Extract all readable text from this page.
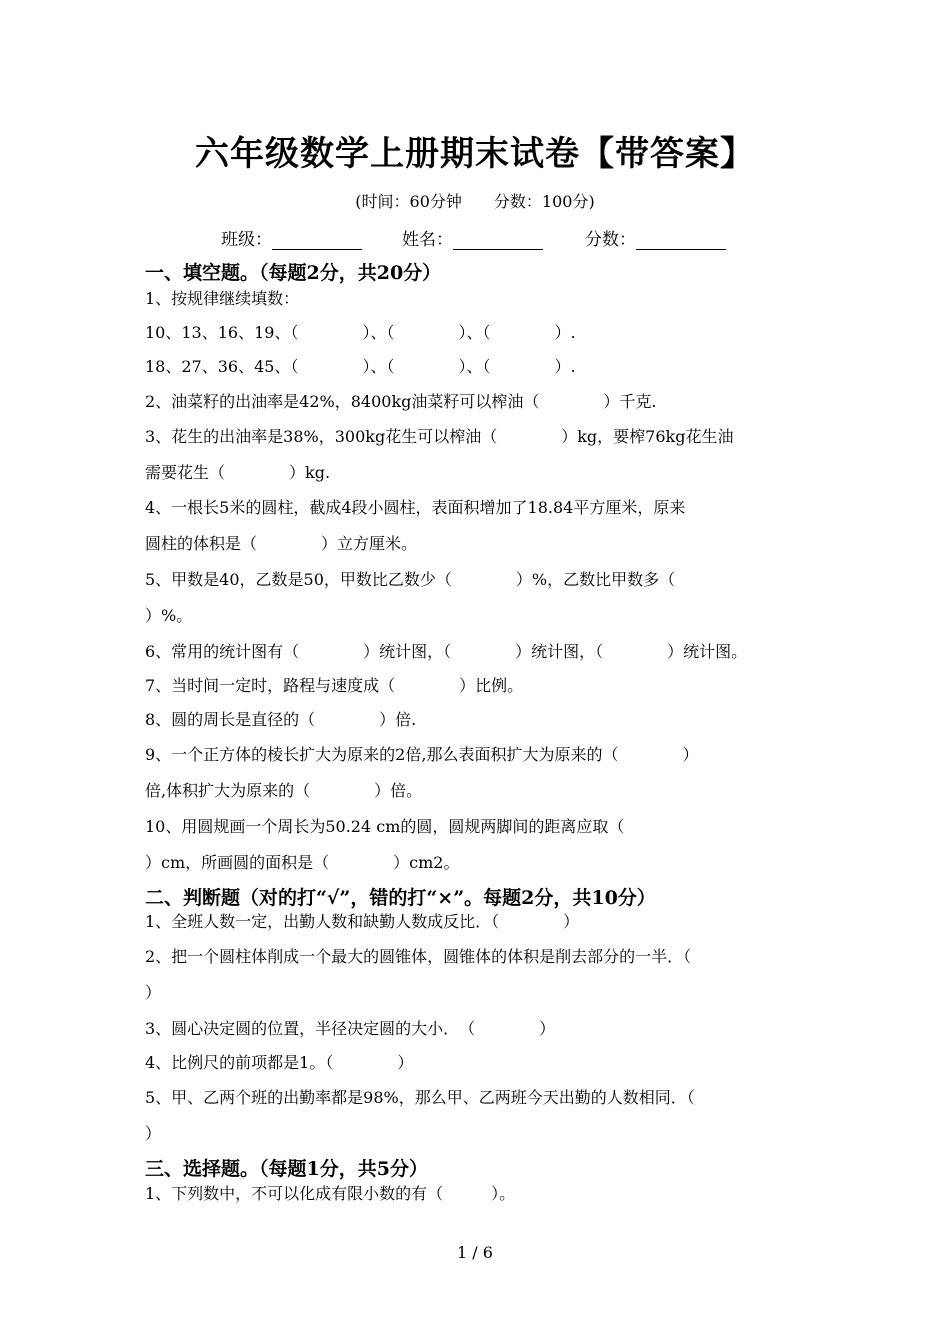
六年级数学上册期末试卷【带答案】
(时间：60分钟　　分数：100分)
班级：	姓名：	分数：
一、填空题。（每题2分，共20分）
1、按规律继续填数：
10、13、16、19、（　　　　）、（　　　　）、（　　　　）.
18、27、36、45、（　　　　）、（　　　　）、（　　　　）.
2、油菜籽的出油率是42%，8400kg油菜籽可以榨油（　　　　）千克.
3、花生的出油率是38%，300kg花生可以榨油（　　　　）kg，要榨76kg花生油
需要花生（　　　　）kg.
4、一根长5米的圆柱，截成4段小圆柱，表面积增加了18.84平方厘米，原来
圆柱的体积是（　　　　）立方厘米。
5、甲数是40，乙数是50，甲数比乙数少（　　　　）%，乙数比甲数多（
）%。
6、常用的统计图有（　　　　）统计图，（　　　　）统计图，（　　　　）统计图。
7、当时间一定时，路程与速度成（　　　　）比例。
8、圆的周长是直径的（　　　　）倍.
9、一个正方体的棱长扩大为原来的2倍,那么表面积扩大为原来的（　　　　）
倍,体积扩大为原来的（　　　　）倍。
10、用圆规画一个周长为50.24 cm的圆，圆规两脚间的距离应取（
）cm，所画圆的面积是（　　　　）cm2。
二、判断题（对的打“√”，错的打“×”。每题2分，共10分）
1、全班人数一定，出勤人数和缺勤人数成反比．（　　　　）
2、把一个圆柱体削成一个最大的圆锥体，圆锥体的体积是削去部分的一半．（
）
3、圆心决定圆的位置，半径决定圆的大小．　（　　　　）
4、比例尺的前项都是1。（　　　　）
5、甲、乙两个班的出勤率都是98%，那么甲、乙两班今天出勤的人数相同．（
）
三、选择题。（每题1分，共5分）
1、下列数中，不可以化成有限小数的有（　　　）。
1 / 6
